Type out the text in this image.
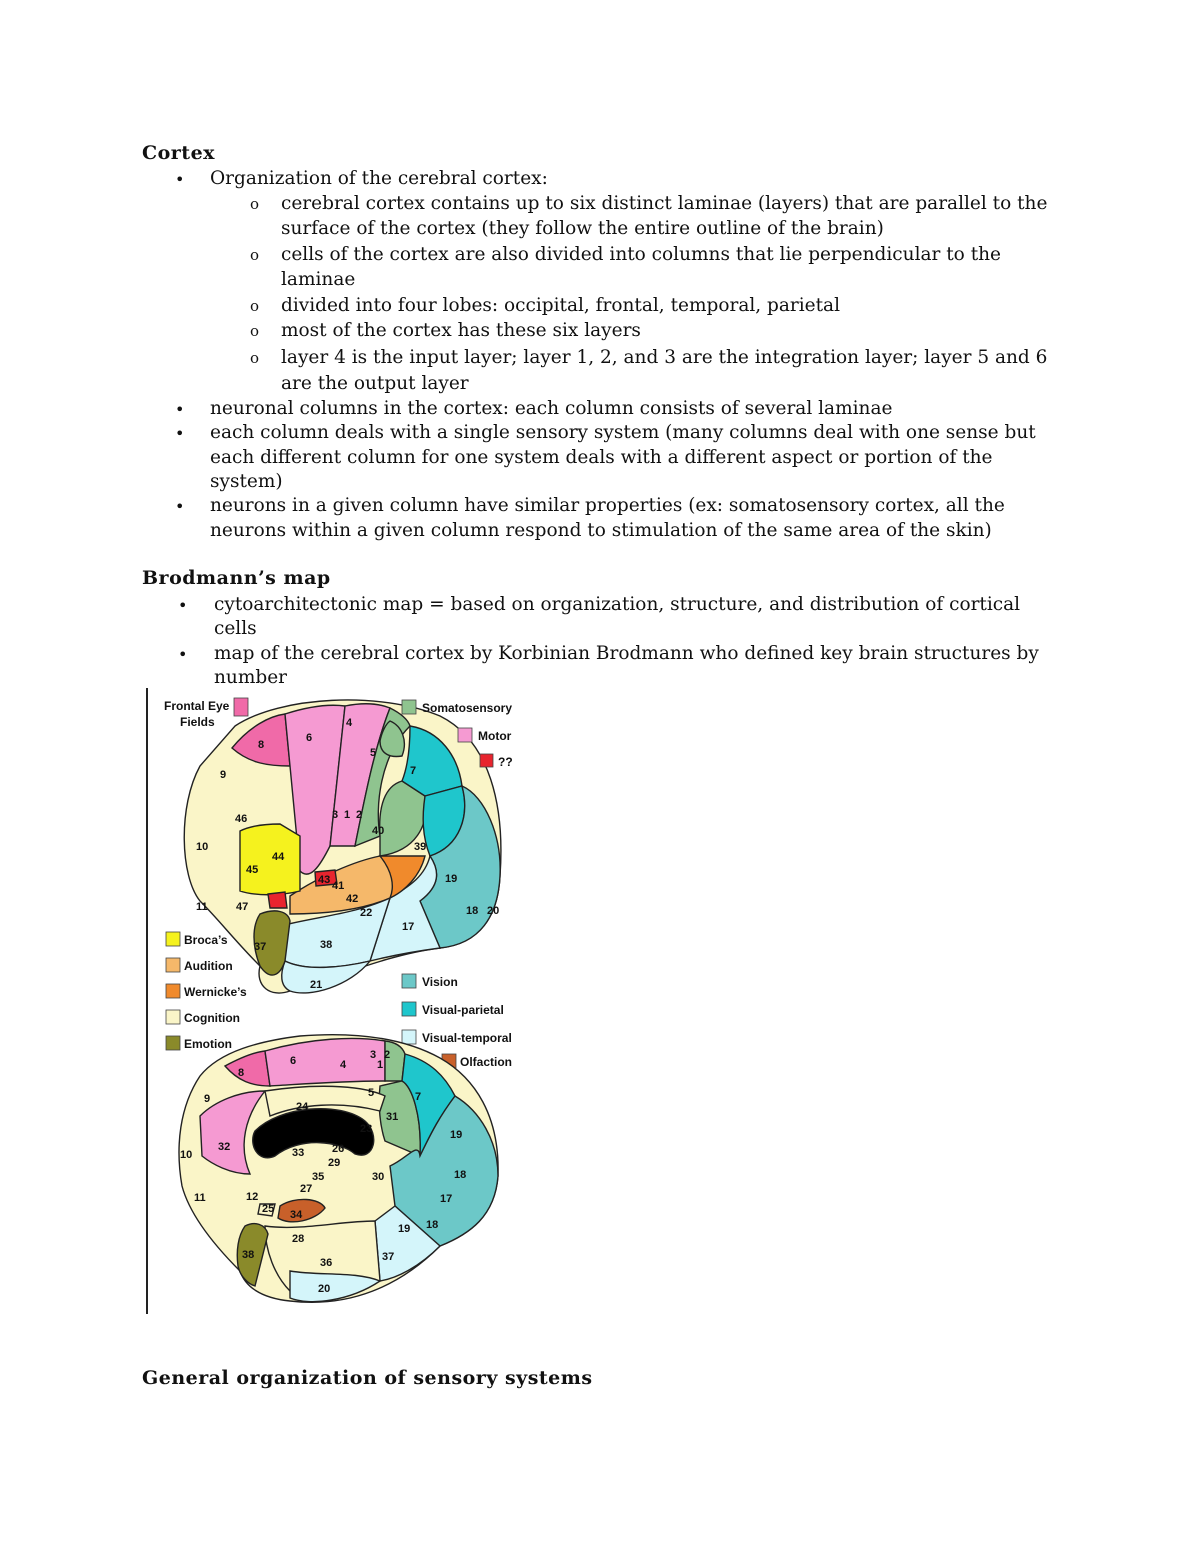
Cortex
• Organization of the cerebral cortex:
o cerebral cortex contains up to six distinct laminae (layers) that are parallel to the
surface of the cortex (they follow the entire outline of the brain)
o cells of the cortex are also divided into columns that lie perpendicular to the
laminae
o divided into four lobes: occipital, frontal, temporal, parietal
o most of the cortex has these six layers
o layer 4 is the input layer; layer 1, 2, and 3 are the integration layer; layer 5 and 6
are the output layer
• neuronal columns in the cortex: each column consists of several laminae
• each column deals with a single sensory system (many columns deal with one sense but
each different column for one system deals with a different aspect or portion of the
system)
• neurons in a given column have similar properties (ex: somatosensory cortex, all the
neurons within a given column respond to stimulation of the same area of the skin)
Brodmann’s map
• cytoarchitectonic map = based on organization, structure, and distribution of cortical
cells
• map of the cerebral cortex by Korbinian Brodmann who defined key brain structures by
number
4
6
8
5
7
9
46	3 1 2
40
39
10
45
44
43 41
42
22
19
11	47	18
17
37	38
21
20
Frontal Eye
Fields
Somatosensory
Motor
??
Broca’s
Audition
Wernicke’s
Cognition
Emotion
Vision
Visual-parietal
Visual-temporal
Olfaction
6	4
3
1
2
8
5	7
9
24
31
23	19
32	33	26
29
30	18
10
35
27
17
11	12
25 34
19 18
28
38
36	37
20
General organization of sensory systems
